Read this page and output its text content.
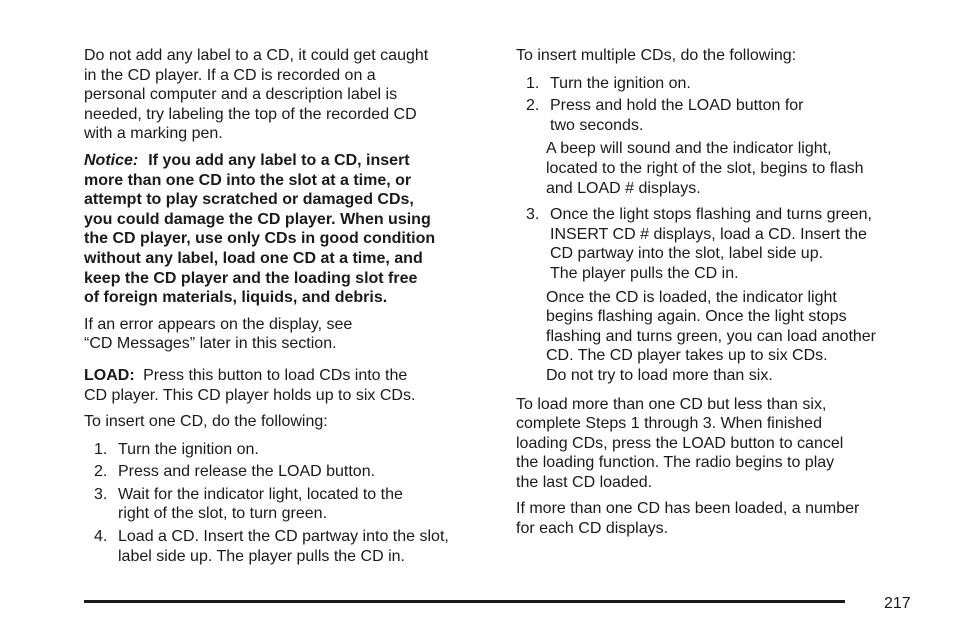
Do not add any label to a CD, it could get caught
in the CD player. If a CD is recorded on a
personal computer and a description label is
needed, try labeling the top of the recorded CD
with a marking pen.

Notice: If you add any label to a CD, insert
more than one CD into the slot at a time, or
attempt to play scratched or damaged CDs,
you could damage the CD player. When using
the CD player, use only CDs in good condition
without any label, load one CD at a time, and
keep the CD player and the loading slot free
of foreign materials, liquids, and debris.

If an error appears on the display, see
“CD Messages” later in this section.

LOAD: Press this button to load CDs into the
CD player. This CD player holds up to six CDs.

To insert one CD, do the following:

1. Turn the ignition on.
2. Press and release the LOAD button.
3. Wait for the indicator light, located to the
right of the slot, to turn green.
4. Load a CD. Insert the CD partway into the slot,
label side up. The player pulls the CD in.

To insert multiple CDs, do the following:

1. Turn the ignition on.
2. Press and hold the LOAD button for
two seconds.

A beep will sound and the indicator light,
located to the right of the slot, begins to flash
and LOAD # displays.

3. Once the light stops flashing and turns green,
INSERT CD # displays, load a CD. Insert the
CD partway into the slot, label side up.
The player pulls the CD in.

Once the CD is loaded, the indicator light
begins flashing again. Once the light stops
flashing and turns green, you can load another
CD. The CD player takes up to six CDs.
Do not try to load more than six.

To load more than one CD but less than six,
complete Steps 1 through 3. When finished
loading CDs, press the LOAD button to cancel
the loading function. The radio begins to play
the last CD loaded.

If more than one CD has been loaded, a number
for each CD displays.

217
